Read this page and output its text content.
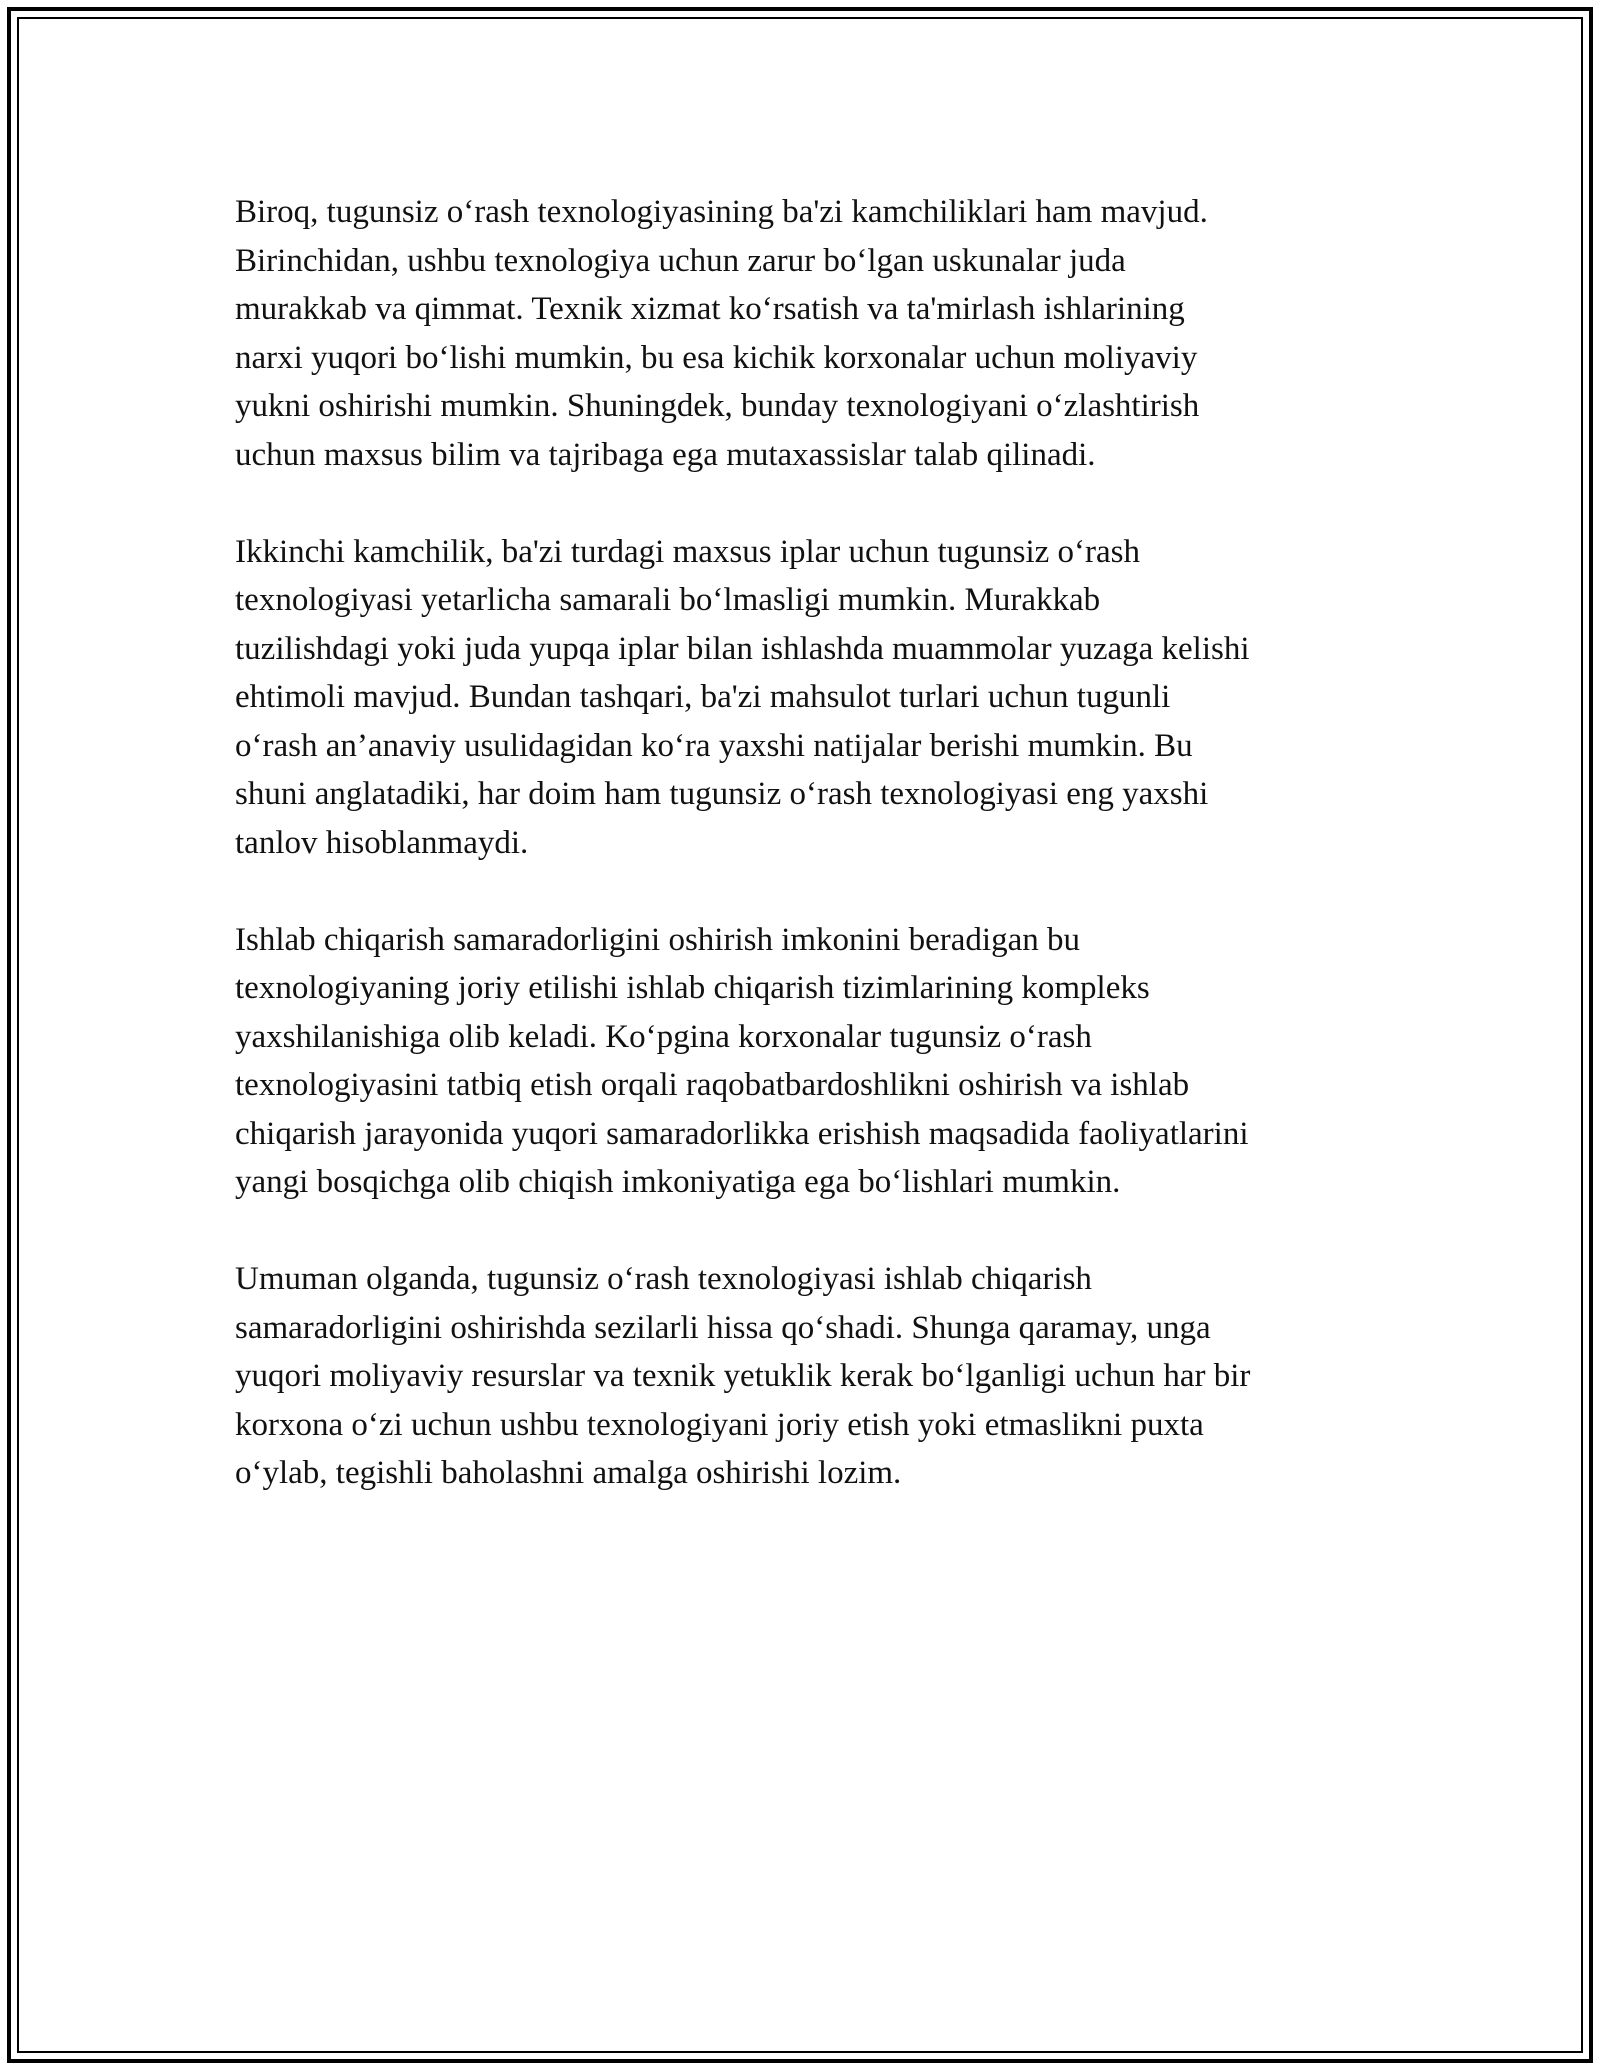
Biroq, tugunsiz o‘rash texnologiyasining ba'zi kamchiliklari ham mavjud.
Birinchidan, ushbu texnologiya uchun zarur bo‘lgan uskunalar juda
murakkab va qimmat. Texnik xizmat ko‘rsatish va ta'mirlash ishlarining
narxi yuqori bo‘lishi mumkin, bu esa kichik korxonalar uchun moliyaviy
yukni oshirishi mumkin. Shuningdek, bunday texnologiyani o‘zlashtirish
uchun maxsus bilim va tajribaga ega mutaxassislar talab qilinadi.

Ikkinchi kamchilik, ba'zi turdagi maxsus iplar uchun tugunsiz o‘rash
texnologiyasi yetarlicha samarali bo‘lmasligi mumkin. Murakkab
tuzilishdagi yoki juda yupqa iplar bilan ishlashda muammolar yuzaga kelishi
ehtimoli mavjud. Bundan tashqari, ba'zi mahsulot turlari uchun tugunli
o‘rash an’anaviy usulidagidan ko‘ra yaxshi natijalar berishi mumkin. Bu
shuni anglatadiki, har doim ham tugunsiz o‘rash texnologiyasi eng yaxshi
tanlov hisoblanmaydi.

Ishlab chiqarish samaradorligini oshirish imkonini beradigan bu
texnologiyaning joriy etilishi ishlab chiqarish tizimlarining kompleks
yaxshilanishiga olib keladi. Ko‘pgina korxonalar tugunsiz o‘rash
texnologiyasini tatbiq etish orqali raqobatbardoshlikni oshirish va ishlab
chiqarish jarayonida yuqori samaradorlikka erishish maqsadida faoliyatlarini
yangi bosqichga olib chiqish imkoniyatiga ega bo‘lishlari mumkin.

Umuman olganda, tugunsiz o‘rash texnologiyasi ishlab chiqarish
samaradorligini oshirishda sezilarli hissa qo‘shadi. Shunga qaramay, unga
yuqori moliyaviy resurslar va texnik yetuklik kerak bo‘lganligi uchun har bir
korxona o‘zi uchun ushbu texnologiyani joriy etish yoki etmaslikni puxta
o‘ylab, tegishli baholashni amalga oshirishi lozim.
